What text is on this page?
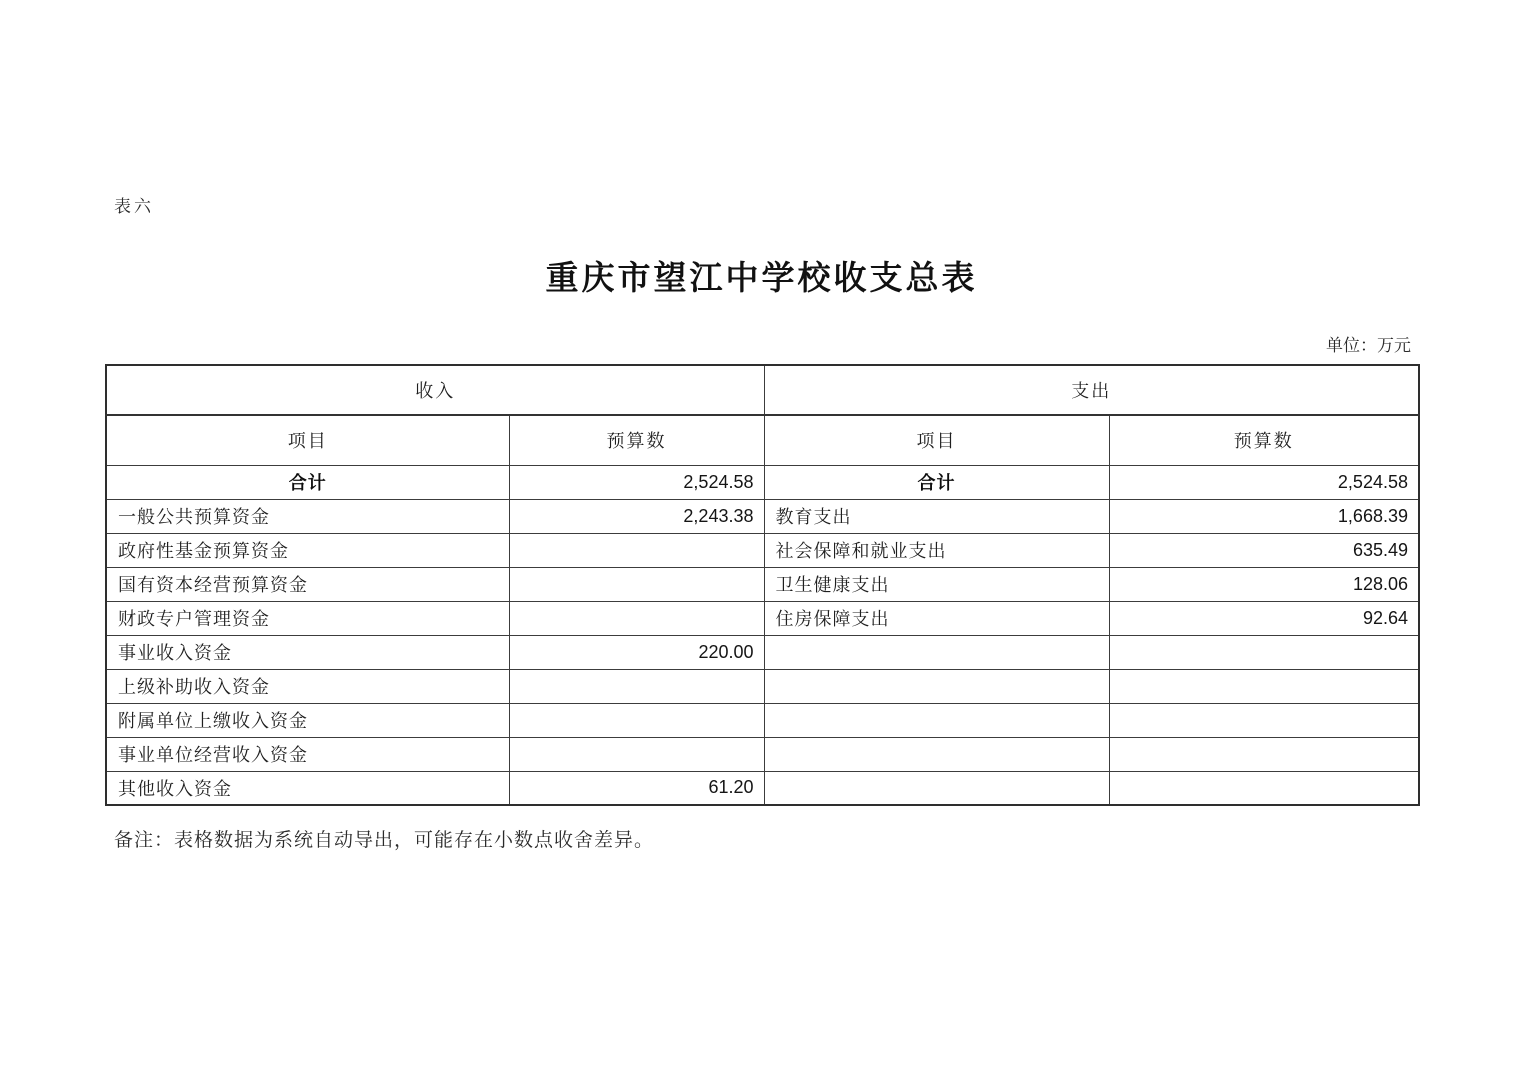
表六
重庆市望江中学校收支总表
单位：万元
收入		支出	
项目	预算数	项目	预算数
合计	2,524.58	合计	2,524.58
一般公共预算资金	2,243.38	教育支出	1,668.39
政府性基金预算资金		社会保障和就业支出	635.49
国有资本经营预算资金		卫生健康支出	128.06
财政专户管理资金		住房保障支出	92.64
事业收入资金	220.00		
上级补助收入资金			
附属单位上缴收入资金			
事业单位经营收入资金			
其他收入资金	61.20		
备注：表格数据为系统自动导出，可能存在小数点收舍差异。
